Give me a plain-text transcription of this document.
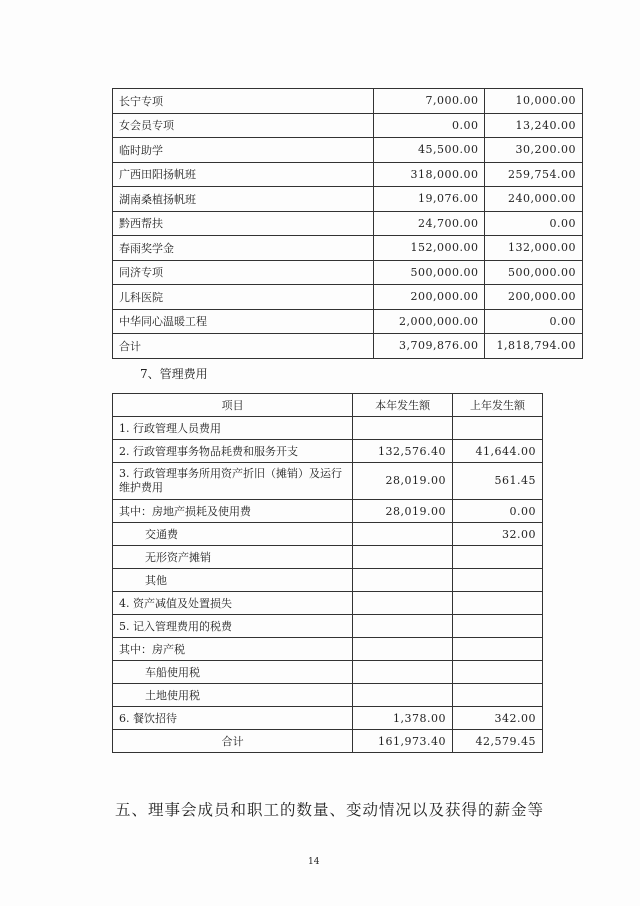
长宁专项	7,000.00	10,000.00
女会员专项	0.00	13,240.00
临时助学	45,500.00	30,200.00
广西田阳扬帆班	318,000.00	259,754.00
湖南桑植扬帆班	19,076.00	240,000.00
黔西帮扶	24,700.00	0.00
春雨奖学金	152,000.00	132,000.00
同济专项	500,000.00	500,000.00
儿科医院	200,000.00	200,000.00
中华同心温暖工程	2,000,000.00	0.00
合计	3,709,876.00	1,818,794.00
7、管理费用
项目	本年发生额	上年发生额
1. 行政管理人员费用		
2. 行政管理事务物品耗费和服务开支	132,576.40	41,644.00
3. 行政管理事务所用资产折旧（摊销）及运行维护费用	28,019.00	561.45
其中：房地产损耗及使用费	28,019.00	0.00
交通费		32.00
无形资产摊销		
其他		
4. 资产减值及处置损失		
5. 记入管理费用的税费		
其中：房产税		
车船使用税		
土地使用税		
6. 餐饮招待	1,378.00	342.00
合计	161,973.40	42,579.45
五、理事会成员和职工的数量、变动情况以及获得的薪金等
14
